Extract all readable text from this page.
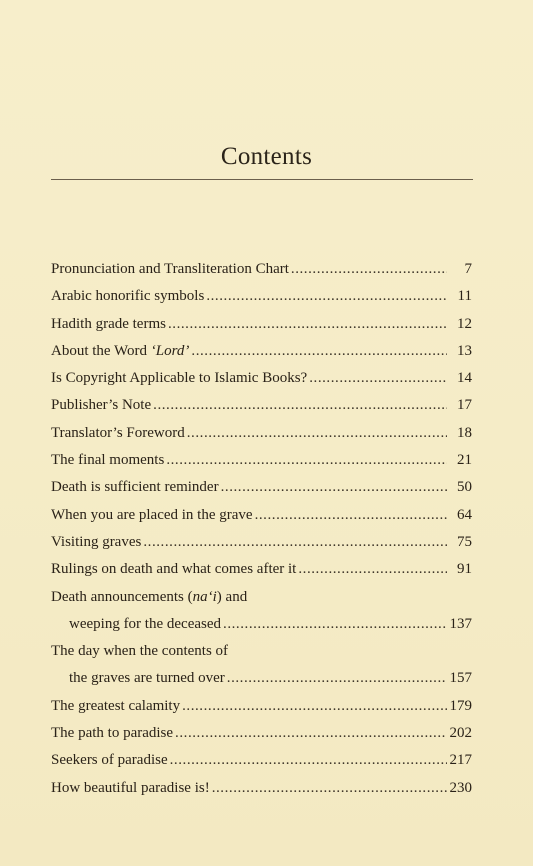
Contents
Pronunciation and Transliteration Chart . . .	7
Arabic honorific symbols . . .	11
Hadith grade terms . . .	12
About the Word ‘Lord’ . . .	13
Is Copyright Applicable to Islamic Books? . . .	14
Publisher’s Note . . .	17
Translator’s Foreword . . .	18
The final moments . . .	21
Death is sufficient reminder . . .	50
When you are placed in the grave . . .	64
Visiting graves . . .	75
Rulings on death and what comes after it . . .	91
Death announcements (na‘i) and
weeping for the deceased . . .	137
The day when the contents of
the graves are turned over . . .	157
The greatest calamity . . .	179
The path to paradise . . .	202
Seekers of paradise . . .	217
How beautiful paradise is! . . .	230
